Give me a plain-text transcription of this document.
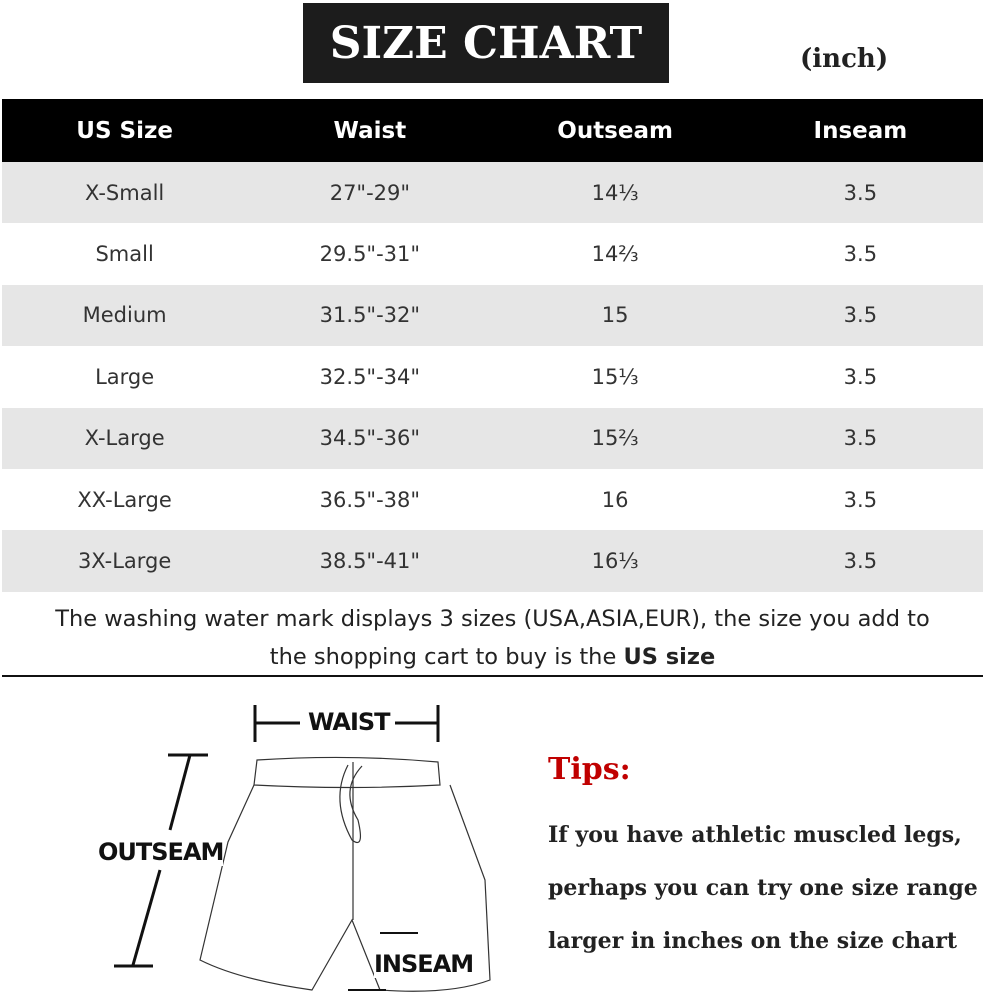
SIZE CHART	(inch)
US Size	Waist	Outseam	Inseam
X-Small	27"-29"	14⅓	3.5
Small	29.5"-31"	14⅔	3.5
Medium	31.5"-32"	15	3.5
Large	32.5"-34"	15⅓	3.5
X-Large	34.5"-36"	15⅔	3.5
XX-Large	36.5"-38"	16	3.5
3X-Large	38.5"-41"	16⅓	3.5
The washing water mark displays 3 sizes (USA,ASIA,EUR), the size you add to
the shopping cart to buy is the US size
WAIST
OUTSEAM
INSEAM
Tips:
If you have athletic muscled legs,
perhaps you can try one size range
larger in inches on the size chart
